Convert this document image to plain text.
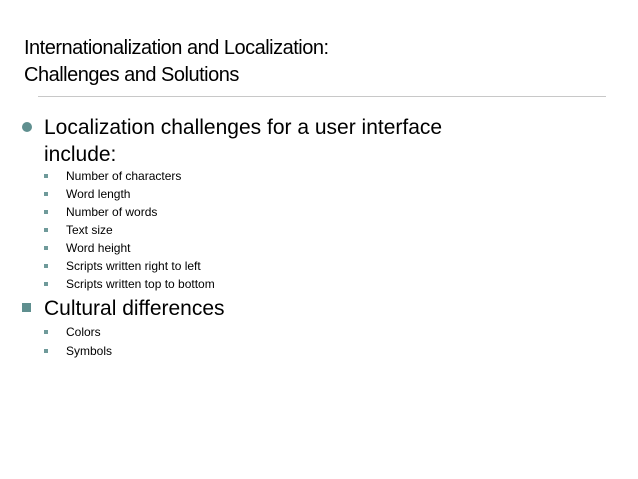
Internationalization and Localization:
Challenges and Solutions
Localization challenges for a user interface
include:
Number of characters
Word length
Number of words
Text size
Word height
Scripts written right to left
Scripts written top to bottom
Cultural differences
Colors
Symbols
